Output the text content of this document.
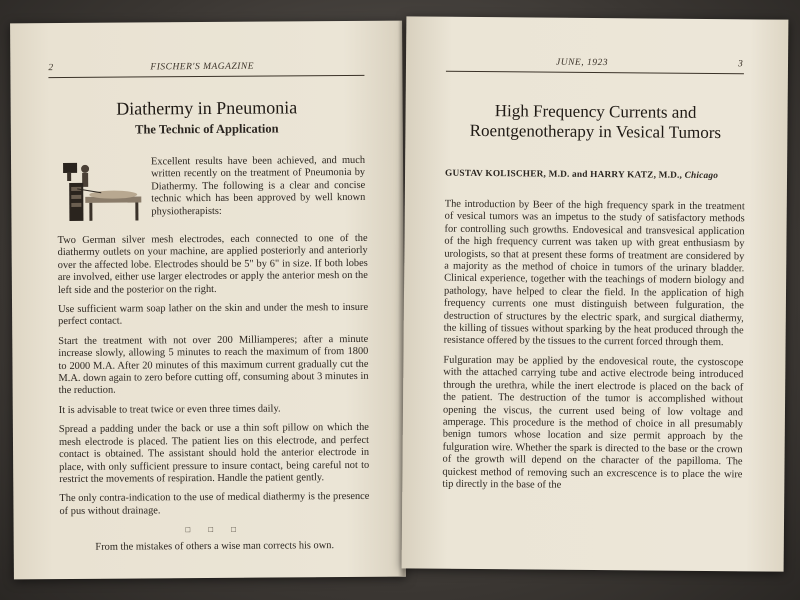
2	FISCHER'S MAGAZINE
Diathermy in Pneumonia
The Technic of Application
Excellent results have been achieved, and much written recently on the treatment of Pneumonia by Diathermy. The following is a clear and concise technic which has been approved by well known physiotherapists:

Two German silver mesh electrodes, each connected to one of the diathermy outlets on your machine, are applied posteriorly and anteriorly over the affected lobe. Electrodes should be 5" by 6" in size. If both lobes are involved, either use larger electrodes or apply the anterior mesh on the left side and the posterior on the right.

Use sufficient warm soap lather on the skin and under the mesh to insure perfect contact.

Start the treatment with not over 200 Milliamperes; after a minute increase slowly, allowing 5 minutes to reach the maximum of from 1800 to 2000 M.A. After 20 minutes of this maximum current gradually cut the M.A. down again to zero before cutting off, consuming about 3 minutes in the reduction.

It is advisable to treat twice or even three times daily.

Spread a padding under the back or use a thin soft pillow on which the mesh electrode is placed. The patient lies on this electrode, and perfect contact is obtained. The assistant should hold the anterior electrode in place, with only sufficient pressure to insure contact, being careful not to restrict the movements of respiration. Handle the patient gently.

The only contra-indication to the use of medical diathermy is the presence of pus without drainage.

□ □ □

From the mistakes of others a wise man corrects his own.

JUNE, 1923	3
High Frequency Currents and
Roentgenotherapy in Vesical Tumors
GUSTAV KOLISCHER, M.D. and HARRY KATZ, M.D., Chicago

The introduction by Beer of the high frequency spark in the treatment of vesical tumors was an impetus to the study of satisfactory methods for controlling such growths. Endovesical and transvesical application of the high frequency current was taken up with great enthusiasm by urologists, so that at present these forms of treatment are considered by a majority as the method of choice in tumors of the urinary bladder. Clinical experience, together with the teachings of modern biology and pathology, have helped to clear the field. In the application of high frequency currents one must distinguish between fulguration, the destruction of structures by the electric spark, and surgical diathermy, the killing of tissues without sparking by the heat produced through the resistance offered by the tissues to the current forced through them.

Fulguration may be applied by the endovesical route, the cystoscope with the attached carrying tube and active electrode being introduced through the urethra, while the inert electrode is placed on the back of the patient. The destruction of the tumor is accomplished without opening the viscus, the current used being of low voltage and amperage. This procedure is the method of choice in all presumably benign tumors whose location and size permit approach by the fulguration wire. Whether the spark is directed to the base or the crown of the growth will depend on the character of the papilloma. The quickest method of removing such an excrescence is to place the wire tip directly in the base of the
